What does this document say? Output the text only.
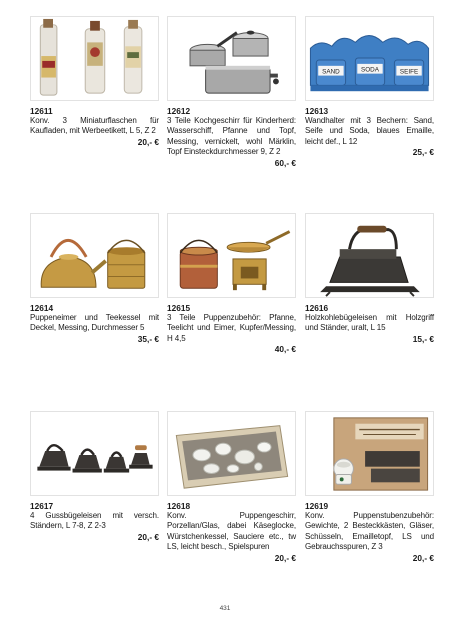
12611
Konv. 3 Miniaturflaschen für Kaufladen, mit Werbeetikett, L 5, Z 2
20,- €
12612
3 Teile Kochgeschirr für Kinderherd: Wasserschiff, Pfanne und Topf, Messing, vernickelt, wohl Märklin, Topf Einsteckdurchmesser 9, Z 2
60,- €
SAND	SODA	SEIFE
12613
Wandhalter mit 3 Bechern: Sand, Seife und Soda, blaues Emaille, leicht def., L 12
25,- €
12614
Puppeneimer und Teekessel mit Deckel, Messing, Durchmesser 5
35,- €
12615
3 Teile Puppenzubehör: Pfanne, Teelicht und Eimer, Kupfer/Messing, H 4,5
40,- €
12616
Holzkohlebügeleisen mit Holzgriff und Ständer, uralt, L 15
15,- €
12617
4 Gussbügeleisen mit versch. Ständern, L 7-8, Z 2-3
20,- €
12618
Konv. Puppengeschirr, Porzellan/Glas, dabei Käseglocke, Würstchenkessel, Sauciere etc., tw LS, leicht besch., Spielspuren
20,- €
12619
Konv. Puppenstubenzubehör: Gewichte, 2 Besteckkästen, Gläser, Schüsseln, Emailletopf, LS und Gebrauchsspuren, Z 3
20,- €
431
